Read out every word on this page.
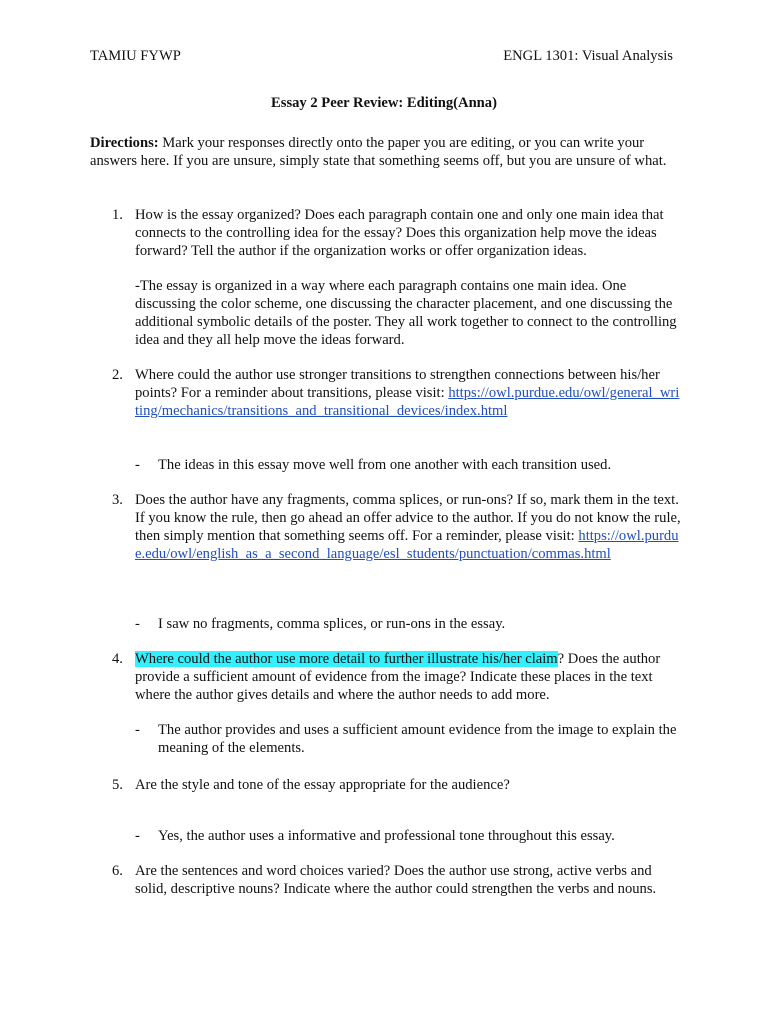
TAMIU FYWP	ENGL 1301: Visual Analysis
Essay 2 Peer Review: Editing(Anna)
Directions: Mark your responses directly onto the paper you are editing, or you can write your answers here. If you are unsure, simply state that something seems off, but you are unsure of what.
1. How is the essay organized? Does each paragraph contain one and only one main idea that connects to the controlling idea for the essay? Does this organization help move the ideas forward? Tell the author if the organization works or offer organization ideas.
-The essay is organized in a way where each paragraph contains one main idea. One discussing the color scheme, one discussing the character placement, and one discussing the additional symbolic details of the poster. They all work together to connect to the controlling idea and they all help move the ideas forward.
2. Where could the author use stronger transitions to strengthen connections between his/her points? For a reminder about transitions, please visit: https://owl.purdue.edu/owl/general_writing/mechanics/transitions_and_transitional_devices/index.html
- The ideas in this essay move well from one another with each transition used.
3. Does the author have any fragments, comma splices, or run-ons? If so, mark them in the text. If you know the rule, then go ahead an offer advice to the author. If you do not know the rule, then simply mention that something seems off. For a reminder, please visit: https://owl.purdue.edu/owl/english_as_a_second_language/esl_students/punctuation/commas.html
- I saw no fragments, comma splices, or run-ons in the essay.
4. Where could the author use more detail to further illustrate his/her claim? Does the author provide a sufficient amount of evidence from the image? Indicate these places in the text where the author gives details and where the author needs to add more.
- The author provides and uses a sufficient amount evidence from the image to explain the meaning of the elements.
5. Are the style and tone of the essay appropriate for the audience?
- Yes, the author uses a informative and professional tone throughout this essay.
6. Are the sentences and word choices varied? Does the author use strong, active verbs and solid, descriptive nouns? Indicate where the author could strengthen the verbs and nouns.
